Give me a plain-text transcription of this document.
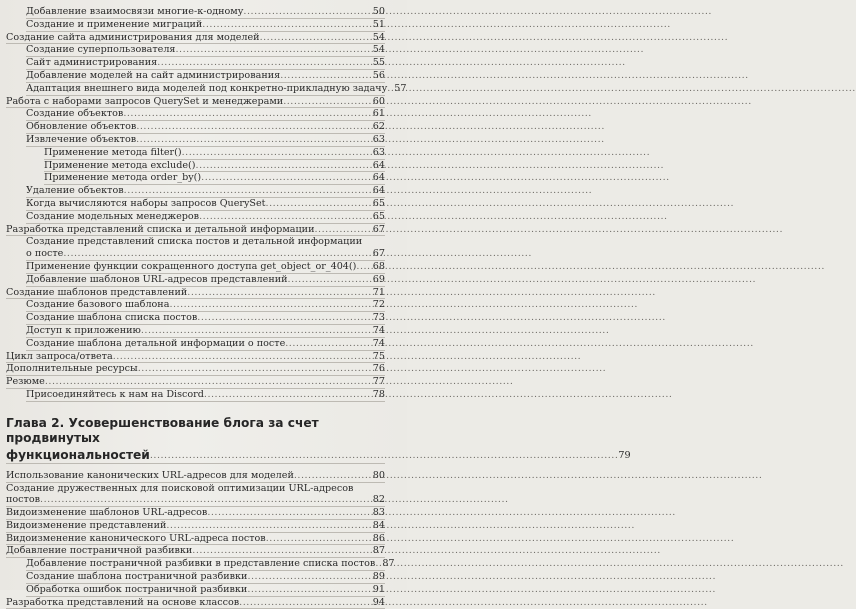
Добавление взаимосвязи многие-к-одному .....	50
Создание и применение миграций .....	51
Создание сайта администрирования для моделей .....	54
Создание суперпользователя .....	54
Сайт администрирования .....	55
Добавление моделей на сайт администрирования .....	56
Адаптация внешнего вида моделей под конкретно-прикладную задачу ..... 57
Работа с наборами запросов QuerySet и менеджерами .....	60
Создание объектов .....	61
Обновление объектов .....	62
Извлечение объектов .....	63
Применение метода filter() .....	63
Применение метода exclude() .....	64
Применение метода order_by() .....	64
Удаление объектов .....	64
Когда вычисляются наборы запросов QuerySet .....	65
Создание модельных менеджеров .....	65
Разработка представлений списка и детальной информации .....	67
Создание представлений списка постов и детальной информации
о посте .....	67
Применение функции сокращенного доступа get_object_or_404() ..... 68
Добавление шаблонов URL-адресов представлений .....	69
Создание шаблонов представлений .....	71
Создание базового шаблона .....	72
Создание шаблона списка постов .....	73
Доступ к приложению .....	74
Создание шаблона детальной информации о посте .....	74
Цикл запроса/ответа .....	75
Дополнительные ресурсы .....	76
Резюме .....	77
Присоединяйтесь к нам на Discord .....	78
Глава 2. Усовершенствование блога за счет продвинутых
функциональностей .....	79
Использование канонических URL-адресов для моделей .....	80
Создание дружественных для поисковой оптимизации URL-адресов
постов .....	82
Видоизменение шаблонов URL-адресов .....	83
Видоизменение представлений .....	84
Видоизменение канонического URL-адреса постов .....	86
Добавление постраничной разбивки .....	87
Добавление постраничной разбивки в представление списка постов ..... 87
Создание шаблона постраничной разбивки .....	89
Обработка ошибок постраничной разбивки .....	91
Разработка представлений на основе классов .....	94
